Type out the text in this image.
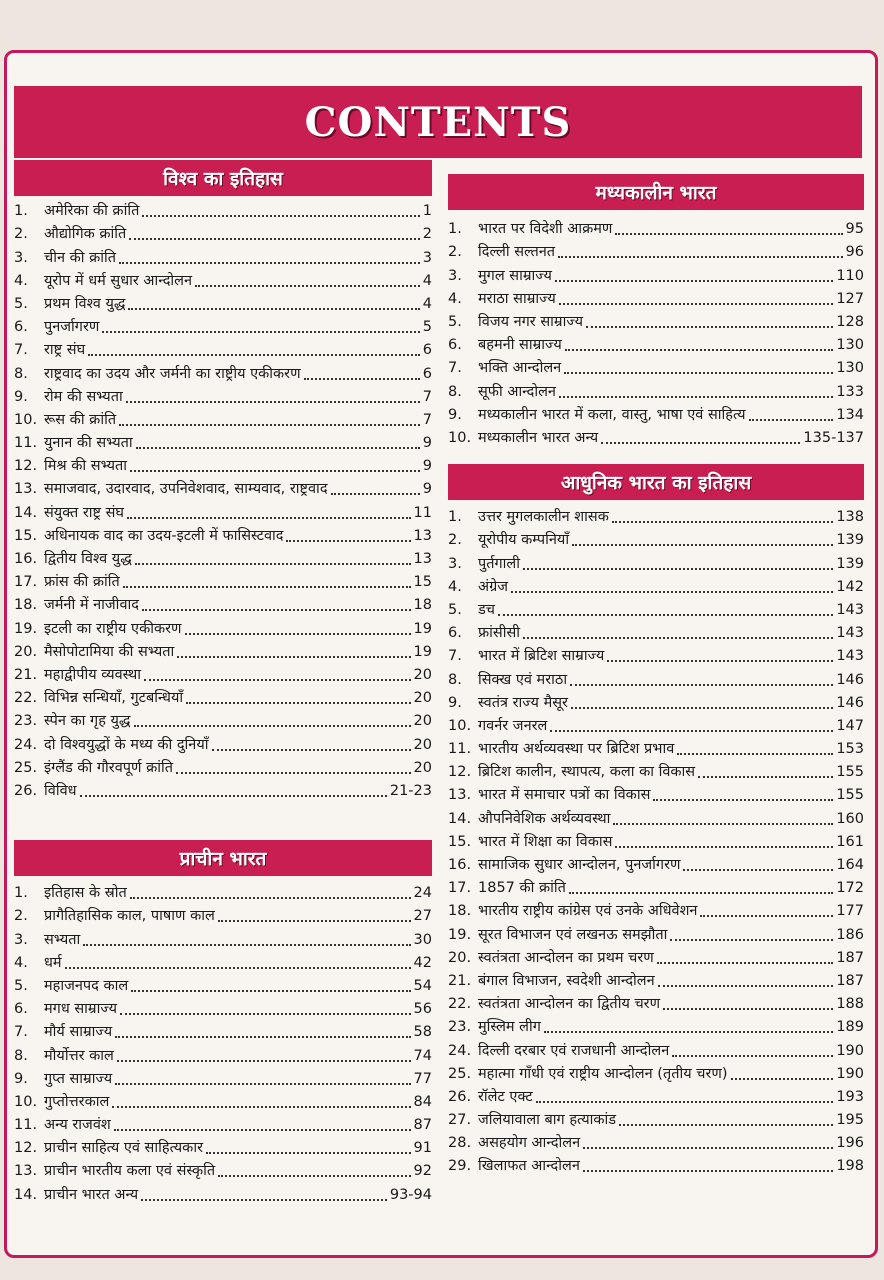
CONTENTS
विश्व का इतिहास
1.	अमेरिका की क्रांति	1
2.	औद्योगिक क्रांति	2
3.	चीन की क्रांति	3
4.	यूरोप में धर्म सुधार आन्दोलन	4
5.	प्रथम विश्व युद्ध	4
6.	पुनर्जागरण	5
7.	राष्ट्र संघ	6
8.	राष्ट्रवाद का उदय और जर्मनी का राष्ट्रीय एकीकरण	6
9.	रोम की सभ्यता	7
10. रूस की क्रांति	7
11. युनान की सभ्यता	9
12. मिश्र की सभ्यता	9
13. समाजवाद, उदारवाद, उपनिवेशवाद, साम्यवाद, राष्ट्रवाद	9
14. संयुक्त राष्ट्र संघ	11
15. अधिनायक वाद का उदय-इटली में फासिस्टवाद	13
16. द्वितीय विश्व युद्ध	13
17. फ्रांस की क्रांति	15
18. जर्मनी में नाजीवाद	18
19. इटली का राष्ट्रीय एकीकरण	19
20. मैसोपोटामिया की सभ्यता	19
21. महाद्वीपीय व्यवस्था	20
22. विभिन्न सन्धियाँ, गुटबन्धियाँ	20
23. स्पेन का गृह युद्ध	20
24. दो विश्वयुद्धों के मध्य की दुनियाँ	20
25. इंग्लैंड की गौरवपूर्ण क्रांति	20
26. विविध	21-23
प्राचीन भारत
1.	इतिहास के स्रोत	24
2.	प्रागैतिहासिक काल, पाषाण काल	27
3.	सभ्यता	30
4.	धर्म	42
5.	महाजनपद काल	54
6.	मगध साम्राज्य	56
7.	मौर्य साम्राज्य	58
8.	मौर्योत्तर काल	74
9.	गुप्त साम्राज्य	77
10. गुप्तोत्तरकाल	84
11. अन्य राजवंश	87
12. प्राचीन साहित्य एवं साहित्यकार	91
13. प्राचीन भारतीय कला एवं संस्कृति	92
14. प्राचीन भारत अन्य	93-94
मध्यकालीन भारत
1.	भारत पर विदेशी आक्रमण	95
2.	दिल्ली सल्तनत	96
3.	मुगल साम्राज्य	110
4.	मराठा साम्राज्य	127
5.	विजय नगर साम्राज्य	128
6.	बहमनी साम्राज्य	130
7.	भक्ति आन्दोलन	130
8.	सूफी आन्दोलन	133
9.	मध्यकालीन भारत में कला, वास्तु, भाषा एवं साहित्य	134
10. मध्यकालीन भारत अन्य	135-137
आधुनिक भारत का इतिहास
1.	उत्तर मुगलकालीन शासक	138
2.	यूरोपीय कम्पनियाँ	139
3.	पुर्तगाली	139
4.	अंग्रेज	142
5.	डच	143
6.	फ्रांसीसी	143
7.	भारत में ब्रिटिश साम्राज्य	143
8.	सिक्ख एवं मराठा	146
9.	स्वतंत्र राज्य मैसूर	146
10. गवर्नर जनरल	147
11. भारतीय अर्थव्यवस्था पर ब्रिटिश प्रभाव	153
12. ब्रिटिश कालीन, स्थापत्य, कला का विकास	155
13. भारत में समाचार पत्रों का विकास	155
14. औपनिवेशिक अर्थव्यवस्था	160
15. भारत में शिक्षा का विकास	161
16. सामाजिक सुधार आन्दोलन, पुनर्जागरण	164
17. 1857 की क्रांति	172
18. भारतीय राष्ट्रीय कांग्रेस एवं उनके अधिवेशन	177
19. सूरत विभाजन एवं लखनऊ समझौता	186
20. स्वतंत्रता आन्दोलन का प्रथम चरण	187
21. बंगाल विभाजन, स्वदेशी आन्दोलन	187
22. स्वतंत्रता आन्दोलन का द्वितीय चरण	188
23. मुस्लिम लीग	189
24. दिल्ली दरबार एवं राजधानी आन्दोलन	190
25. महात्मा गाँधी एवं राष्ट्रीय आन्दोलन (तृतीय चरण)	190
26. रॉलेट एक्ट	193
27. जलियावाला बाग हत्याकांड	195
28. असहयोग आन्दोलन	196
29. खिलाफत आन्दोलन	198
